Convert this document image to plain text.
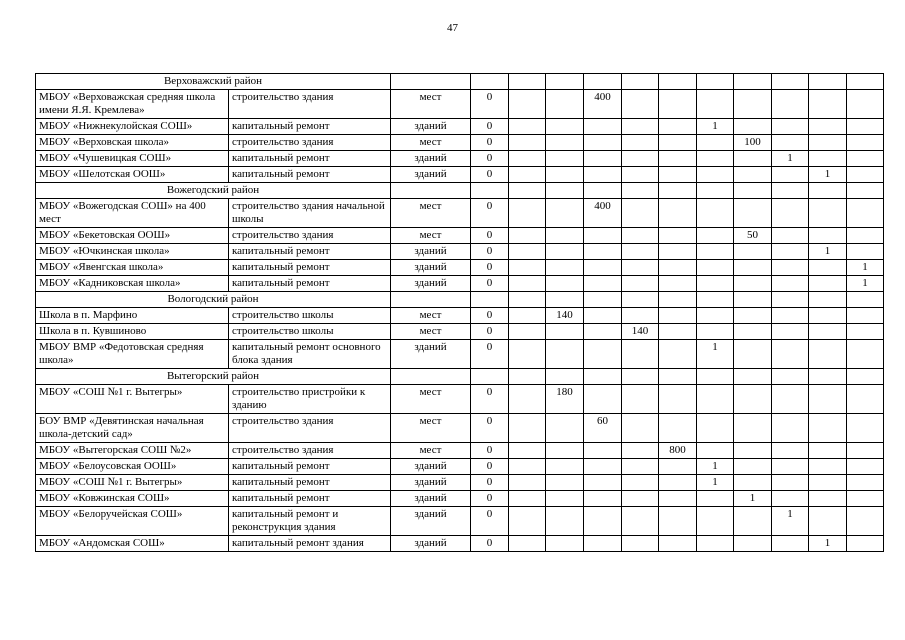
47
Верховажский район													
МБОУ «Верховажская средняя школа имени Я.Я. Кремлева»	строительство здания	мест	0			400							
МБОУ «Нижнекулойская СОШ»	капитальный ремонт	зданий	0						1				
МБОУ «Верховская школа»	строительство здания	мест	0							100			
МБОУ «Чушевицкая СОШ»	капитальный ремонт	зданий	0								1		
МБОУ «Шелотская ООШ»	капитальный ремонт	зданий	0									1	
Вожегодский район													
МБОУ «Вожегодская СОШ» на 400 мест	строительство здания начальной школы	мест	0			400							
МБОУ «Бекетовская ООШ»	строительство здания	мест	0							50			
МБОУ «Ючкинская школа»	капитальный ремонт	зданий	0									1	
МБОУ «Явенгская школа»	капитальный ремонт	зданий	0										1
МБОУ «Кадниковская школа»	капитальный ремонт	зданий	0										1
Вологодский район													
Школа в п. Марфино	строительство школы	мест	0		140								
Школа в п. Кувшиново	строительство школы	мест	0				140						
МБОУ ВМР «Федотовская средняя школа»	капитальный ремонт основного блока здания	зданий	0						1				
Вытегорский район													
МБОУ «СОШ №1 г. Вытегры»	строительство пристройки к зданию	мест	0		180								
БОУ ВМР «Девятинская начальная школа-детский сад»	строительство здания	мест	0			60							
МБОУ «Вытегорская СОШ №2»	строительство здания	мест	0					800					
МБОУ «Белоусовская ООШ»	капитальный ремонт	зданий	0						1				
МБОУ «СОШ №1 г. Вытегры»	капитальный ремонт	зданий	0						1				
МБОУ «Ковжинская СОШ»	капитальный ремонт	зданий	0							1			
МБОУ «Белоручейская СОШ»	капитальный ремонт и реконструкция здания	зданий	0								1		
МБОУ «Андомская СОШ»	капитальный ремонт здания	зданий	0									1	
